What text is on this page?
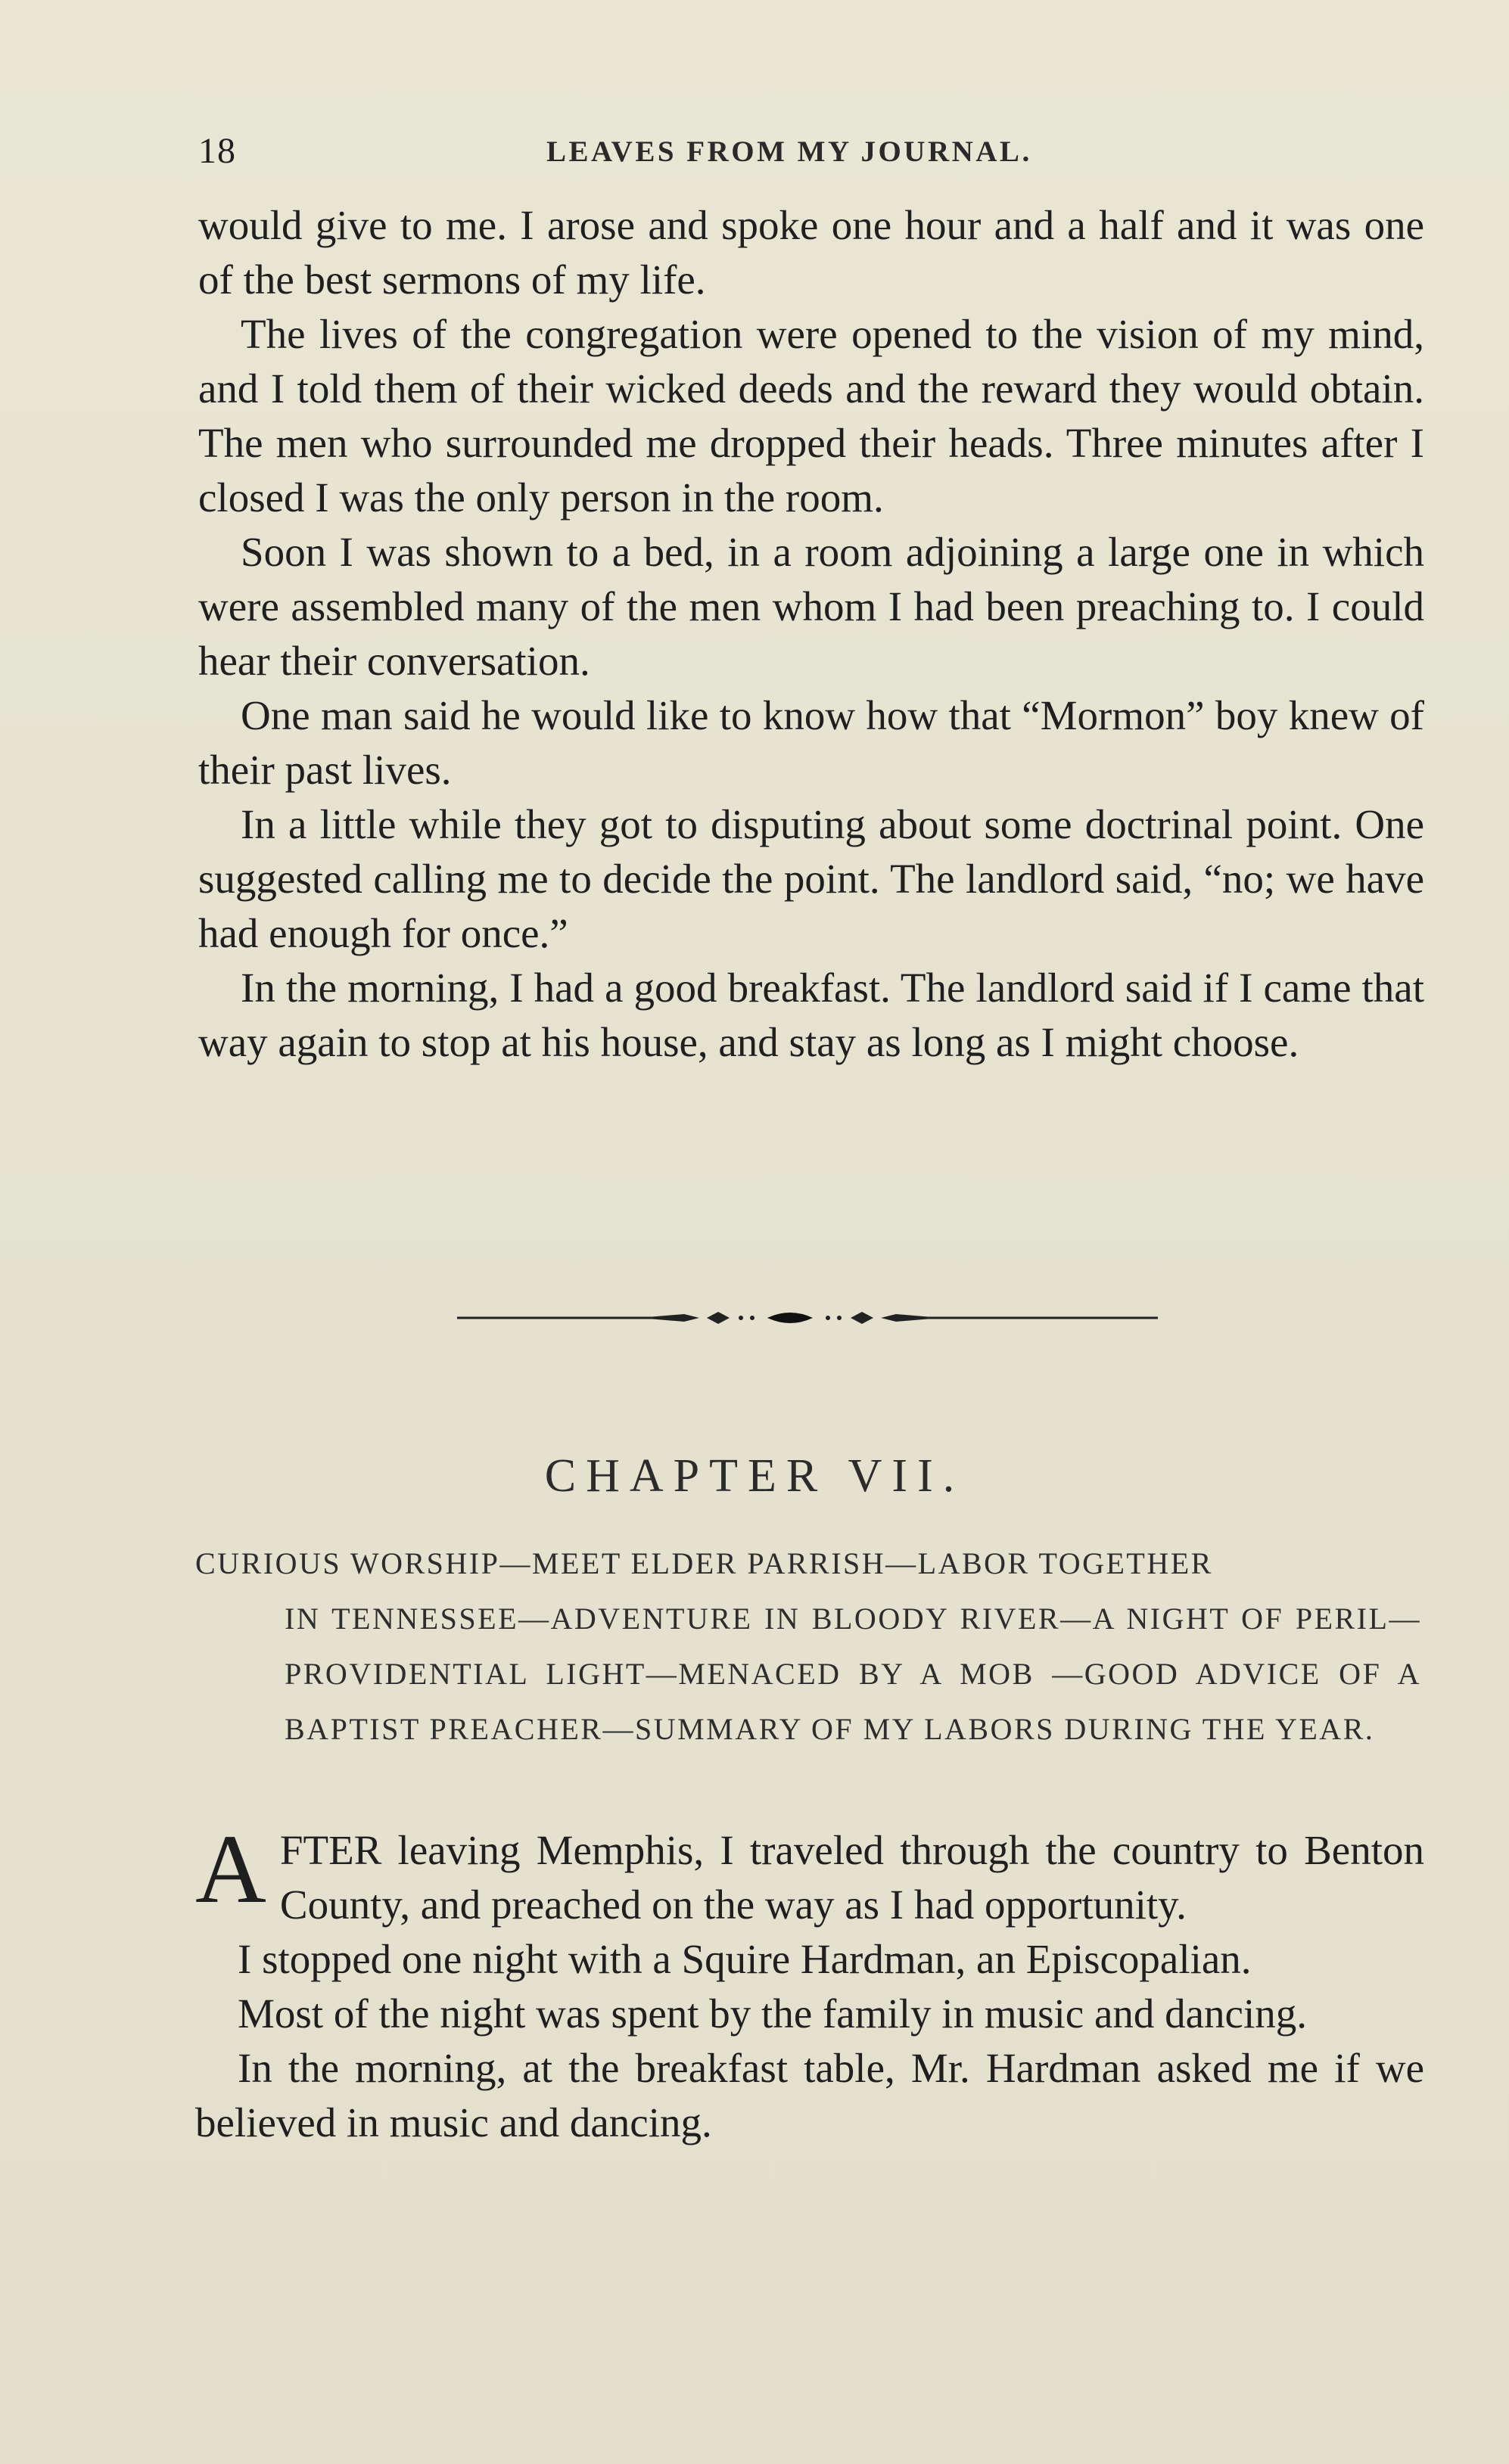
18	LEAVES FROM MY JOURNAL.

would give to me. I arose and spoke one hour and a half and it was one of the best sermons of my life.

The lives of the congregation were opened to the vision of my mind, and I told them of their wicked deeds and the reward they would obtain. The men who surrounded me dropped their heads. Three minutes after I closed I was the only person in the room.

Soon I was shown to a bed, in a room adjoining a large one in which were assembled many of the men whom I had been preaching to. I could hear their conversation.

One man said he would like to know how that “Mormon” boy knew of their past lives.

In a little while they got to disputing about some doctrinal point. One suggested calling me to decide the point. The landlord said, “no; we have had enough for once.”

In the morning, I had a good breakfast. The landlord said if I came that way again to stop at his house, and stay as long as I might choose.

CHAPTER VII.
CURIOUS WORSHIP—MEET ELDER PARRISH—LABOR TOGETHER
IN TENNESSEE—ADVENTURE IN BLOODY RIVER—A NIGHT OF PERIL—PROVIDENTIAL LIGHT—MENACED BY A MOB —GOOD ADVICE OF A BAPTIST PREACHER—SUMMARY OF MY LABORS DURING THE YEAR.

AFTER leaving Memphis, I traveled through the country to Benton County, and preached on the way as I had opportunity.

I stopped one night with a Squire Hardman, an Episcopalian.

Most of the night was spent by the family in music and dancing.

In the morning, at the breakfast table, Mr. Hardman asked me if we believed in music and dancing.
